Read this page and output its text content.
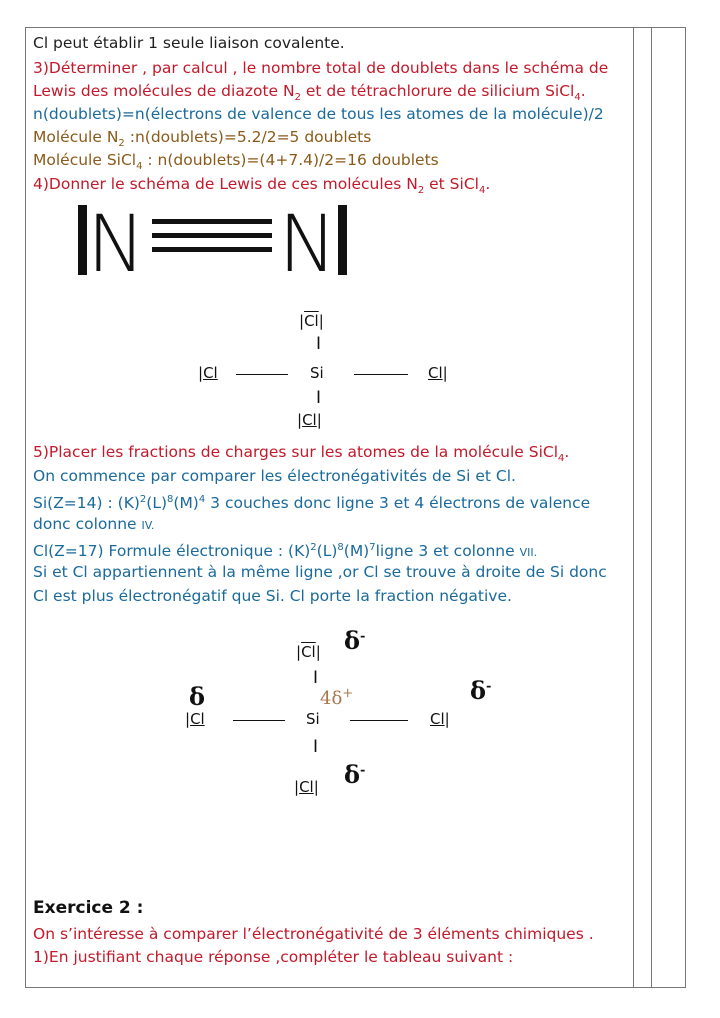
Cl peut établir 1 seule liaison covalente.
3)Déterminer , par calcul , le nombre total de doublets dans le schéma de
Lewis des molécules de diazote $N_2$ et de tétrachlorure de silicium SiCl$_4$.
n(doublets)=n(électrons de valence de tous les atomes de la molécule)/2
Molécule $N_2$ :n(doublets)=5.2/2=5 doublets
Molécule SiCl$_4$ : n(doublets)=(4+7.4)/2=16 doublets
4)Donner le schéma de Lewis de ces molécules $N_2$ et SiCl$_4$.
N N
$|\overline{Cl}|$
I
|Cl	Si	Cl|
I
|Cl|
5)Placer les fractions de charges sur les atomes de la molécule SiCl$_4$.
On commence par comparer les électronégativités de Si et Cl.
Si(Z=14) : $(K)^2(L)^8(M)^4$ 3 couches donc ligne 3 et 4 électrons de valence
donc colonne IV.
Cl(Z=17) Formule électronique : $(K)^2(L)^8(M)^7ligne$ 3 et colonne VII.
Si et Cl appartiennent à la même ligne ,or Cl se trouve à droite de Si donc
Cl est plus électronégatif que Si. Cl porte la fraction négative.
$|\overline{Cl}|$ δ-
I
4δ+
δ
|Cl	Si	Cl|
δ-
I
|Cl| δ-
Exercice 2 :
On s’intéresse à comparer l’électronégativité de 3 éléments chimiques .
1)En justifiant chaque réponse ,compléter le tableau suivant :
